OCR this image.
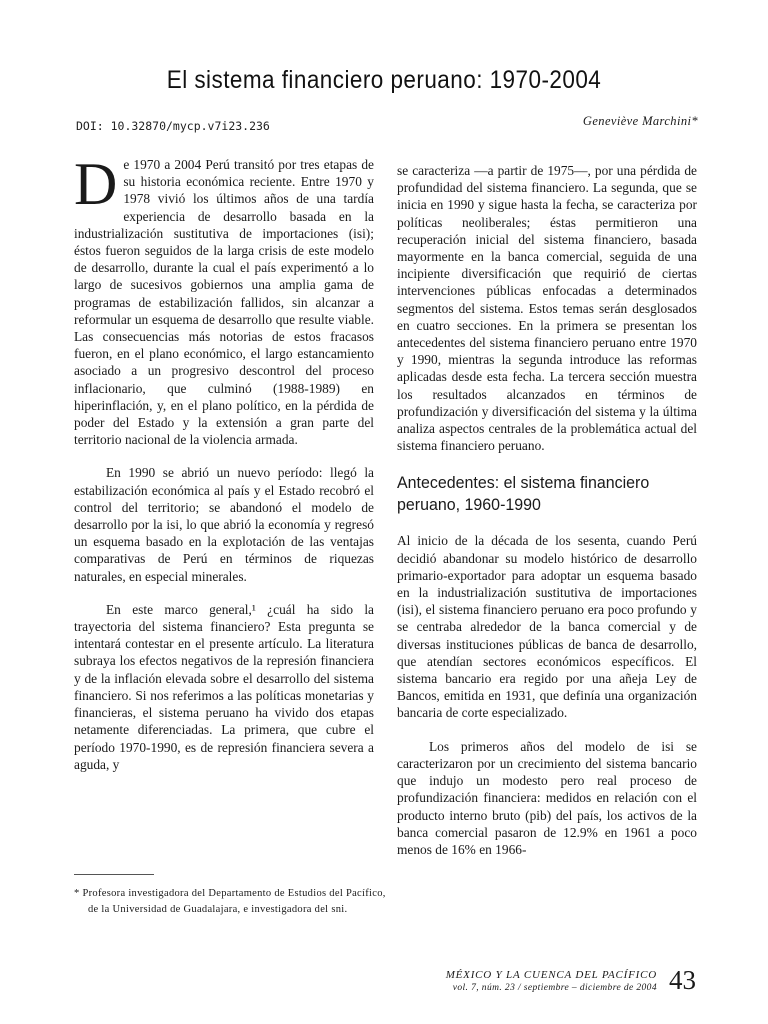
El sistema financiero peruano: 1970-2004
DOI: 10.32870/mycp.v7i23.236	Geneviève Marchini*

De 1970 a 2004 Perú transitó por tres etapas de su historia económica reciente. Entre 1970 y 1978 vivió los últimos años de una tardía experiencia de desarrollo basada en la industrialización sustitutiva de importaciones (isi); éstos fueron seguidos de la larga crisis de este modelo de desarrollo, durante la cual el país experimentó a lo largo de sucesivos gobiernos una amplia gama de programas de estabilización fallidos, sin alcanzar a reformular un esquema de desarrollo que resulte viable. Las consecuencias más notorias de estos fracasos fueron, en el plano económico, el largo estancamiento asociado a un progresivo descontrol del proceso inflacionario, que culminó (1988-1989) en hiperinflación, y, en el plano político, en la pérdida de poder del Estado y la extensión a gran parte del territorio nacional de la violencia armada.

En 1990 se abrió un nuevo período: llegó la estabilización económica al país y el Estado recobró el control del territorio; se abandonó el modelo de desarrollo por la isi, lo que abrió la economía y regresó un esquema basado en la explotación de las ventajas comparativas de Perú en términos de riquezas naturales, en especial minerales.

En este marco general,¹ ¿cuál ha sido la trayectoria del sistema financiero? Esta pregunta se intentará contestar en el presente artículo. La literatura subraya los efectos negativos de la represión financiera y de la inflación elevada sobre el desarrollo del sistema financiero. Si nos referimos a las políticas monetarias y financieras, el sistema peruano ha vivido dos etapas netamente diferenciadas. La primera, que cubre el período 1970-1990, es de represión financiera severa a aguda, y

se caracteriza —a partir de 1975—, por una pérdida de profundidad del sistema financiero. La segunda, que se inicia en 1990 y sigue hasta la fecha, se caracteriza por políticas neoliberales; éstas permitieron una recuperación inicial del sistema financiero, basada mayormente en la banca comercial, seguida de una incipiente diversificación que requirió de ciertas intervenciones públicas enfocadas a determinados segmentos del sistema. Estos temas serán desglosados en cuatro secciones. En la primera se presentan los antecedentes del sistema financiero peruano entre 1970 y 1990, mientras la segunda introduce las reformas aplicadas desde esta fecha. La tercera sección muestra los resultados alcanzados en términos de profundización y diversificación del sistema y la última analiza aspectos centrales de la problemática actual del sistema financiero peruano.

Antecedentes: el sistema financiero peruano, 1960-1990

Al inicio de la década de los sesenta, cuando Perú decidió abandonar su modelo histórico de desarrollo primario-exportador para adoptar un esquema basado en la industrialización sustitutiva de importaciones (isi), el sistema financiero peruano era poco profundo y se centraba alrededor de la banca comercial y de diversas instituciones públicas de banca de desarrollo, que atendían sectores económicos específicos. El sistema bancario era regido por una añeja Ley de Bancos, emitida en 1931, que definía una organización bancaria de corte especializado.

Los primeros años del modelo de isi se caracterizaron por un crecimiento del sistema bancario que indujo un modesto pero real proceso de profundización financiera: medidos en relación con el producto interno bruto (pib) del país, los activos de la banca comercial pasaron de 12.9% en 1961 a poco menos de 16% en 1966-

* Profesora investigadora del Departamento de Estudios del Pacífico, de la Universidad de Guadalajara, e investigadora del sni.
MÉXICO Y LA CUENCA DEL PACÍFICO
vol. 7, núm. 23 / septiembre – diciembre de 2004 43
